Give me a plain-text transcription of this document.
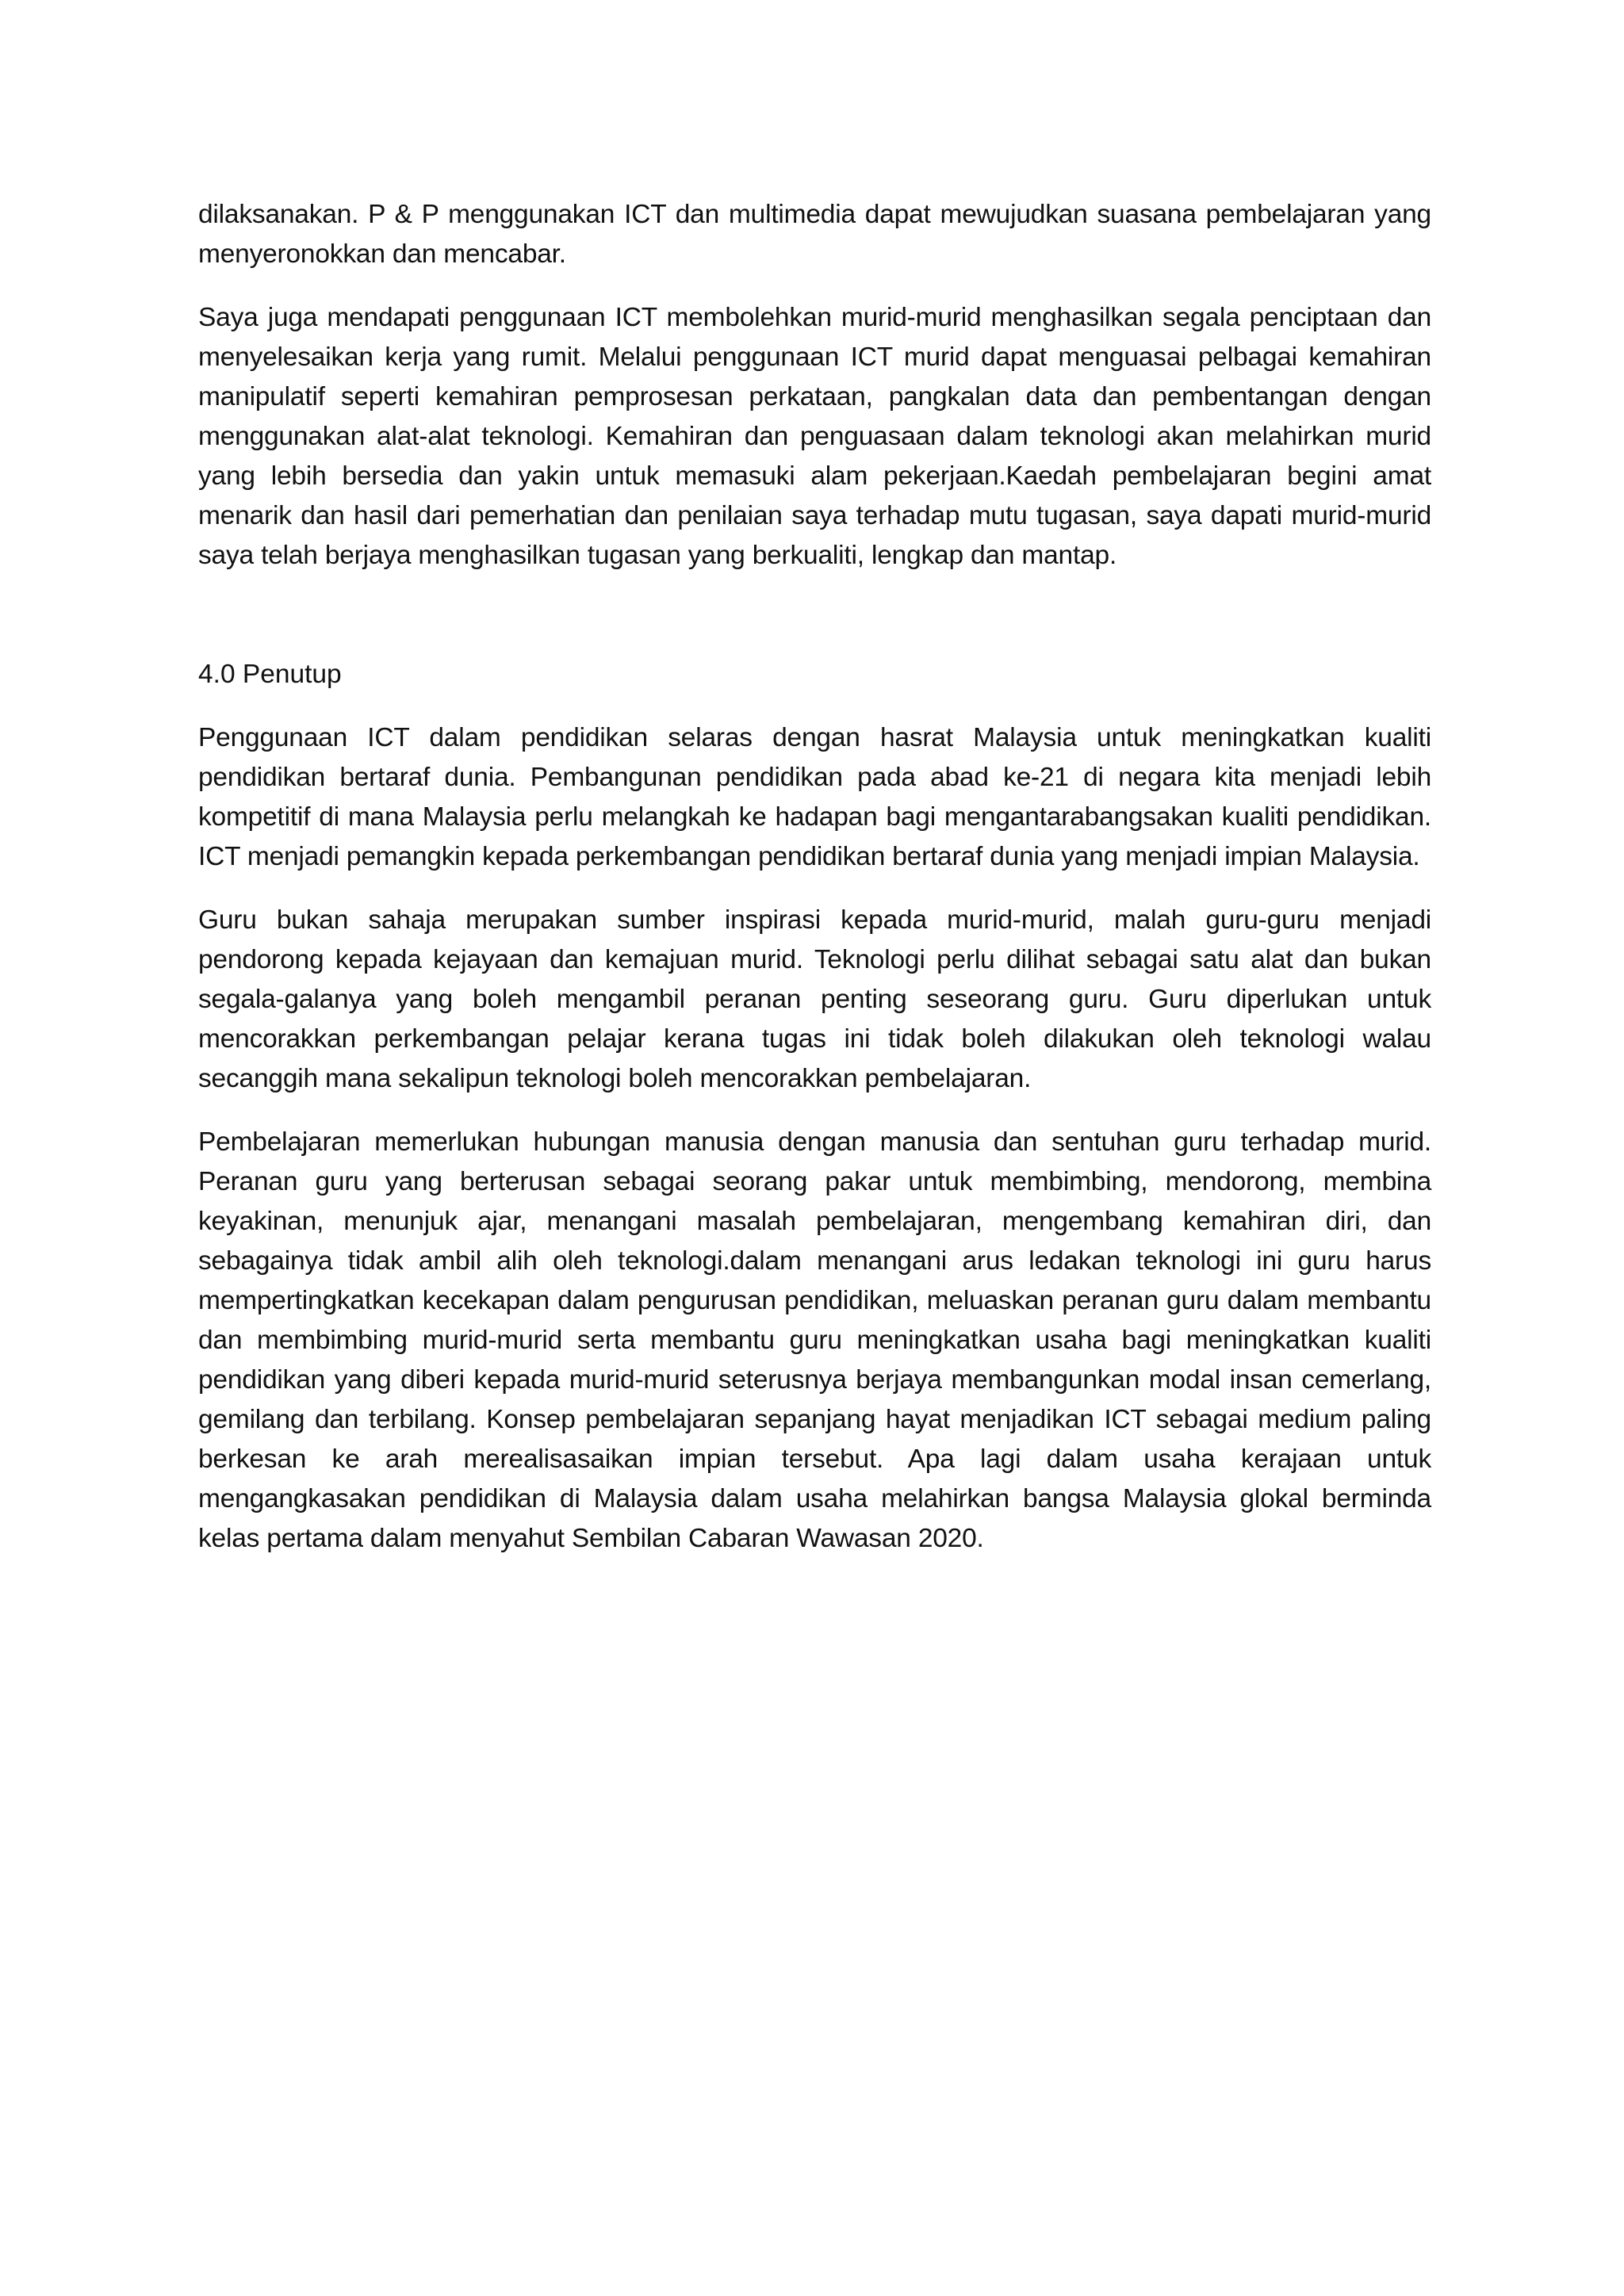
dilaksanakan. P & P menggunakan ICT dan multimedia dapat mewujudkan suasana pembelajaran yang menyeronokkan dan mencabar.

Saya juga mendapati penggunaan ICT membolehkan murid-murid menghasilkan segala penciptaan dan menyelesaikan kerja yang rumit. Melalui penggunaan ICT murid dapat menguasai pelbagai kemahiran manipulatif seperti kemahiran pemprosesan perkataan, pangkalan data dan pembentangan dengan menggunakan alat-alat teknologi. Kemahiran dan penguasaan dalam teknologi akan melahirkan murid yang lebih bersedia dan yakin untuk memasuki alam pekerjaan.Kaedah pembelajaran begini amat menarik dan hasil dari pemerhatian dan penilaian saya terhadap mutu tugasan, saya dapati murid-murid saya telah berjaya menghasilkan tugasan yang berkualiti, lengkap dan mantap.

4.0 Penutup

Penggunaan ICT dalam pendidikan selaras dengan hasrat Malaysia untuk meningkatkan kualiti pendidikan bertaraf dunia. Pembangunan pendidikan pada abad ke-21 di negara kita menjadi lebih kompetitif di mana Malaysia perlu melangkah ke hadapan bagi mengantarabangsakan kualiti pendidikan. ICT menjadi pemangkin kepada perkembangan pendidikan bertaraf dunia yang menjadi impian Malaysia.

Guru bukan sahaja merupakan sumber inspirasi kepada murid-murid, malah guru-guru menjadi pendorong kepada kejayaan dan kemajuan murid. Teknologi perlu dilihat sebagai satu alat dan bukan segala-galanya yang boleh mengambil peranan penting seseorang guru. Guru diperlukan untuk mencorakkan perkembangan pelajar kerana tugas ini tidak boleh dilakukan oleh teknologi walau secanggih mana sekalipun teknologi boleh mencorakkan pembelajaran.

Pembelajaran memerlukan hubungan manusia dengan manusia dan sentuhan guru terhadap murid. Peranan guru yang berterusan sebagai seorang pakar untuk membimbing, mendorong, membina keyakinan, menunjuk ajar, menangani masalah pembelajaran, mengembang kemahiran diri, dan sebagainya tidak ambil alih oleh teknologi.dalam menangani arus ledakan teknologi ini guru harus mempertingkatkan kecekapan dalam pengurusan pendidikan, meluaskan peranan guru dalam membantu dan membimbing murid-murid serta membantu guru meningkatkan usaha bagi meningkatkan kualiti pendidikan yang diberi kepada murid-murid seterusnya berjaya membangunkan modal insan cemerlang, gemilang dan terbilang. Konsep pembelajaran sepanjang hayat menjadikan ICT sebagai medium paling berkesan ke arah merealisasaikan impian tersebut. Apa lagi dalam usaha kerajaan untuk mengangkasakan pendidikan di Malaysia dalam usaha melahirkan bangsa Malaysia glokal berminda kelas pertama dalam menyahut Sembilan Cabaran Wawasan 2020.
